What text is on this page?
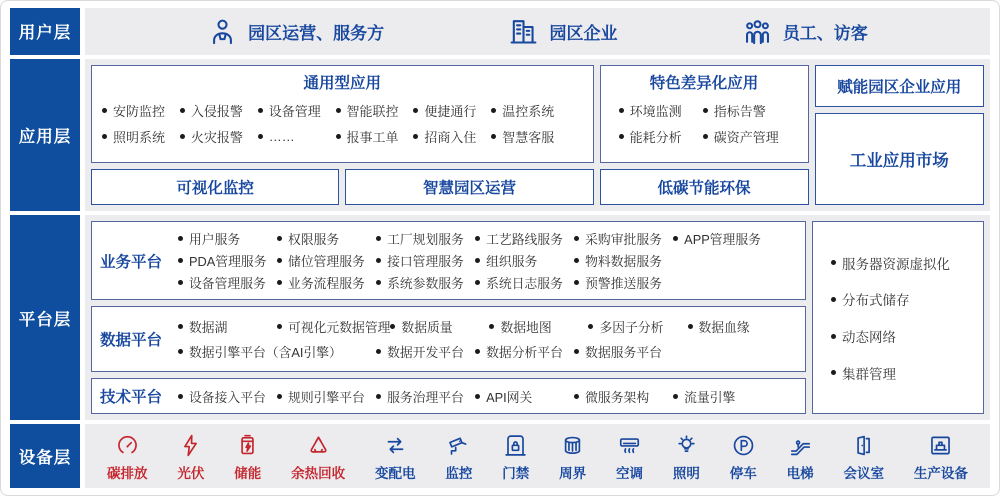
用户层	园区运营、服务方	园区企业	员工、访客
应用层
通用型应用
安防监控 入侵报警 设备管理 智能联控 便捷通行 温控系统
照明系统 火灾报警 ……	报事工单 招商入住 智慧客服
可视化监控	智慧园区运营
特色差异化应用
环境监测 指标告警
能耗分析 碳资产管理
低碳节能环保
赋能园区企业应用
工业应用市场
平台层
业务平台
用户服务	权限服务	工厂规划服务 工艺路线服务 采购审批服务 APP管理服务
PDA管理服务 储位管理服务 接口管理服务 组织服务	物料数据服务
设备管理服务 业务流程服务 系统参数服务 系统日志服务 预警推送服务
数据平台
数据湖	可视化元数据管理 数据质量	数据地图	多因子分析	数据血缘
数据引擎平台（含AI引擎）	数据开发平台 数据分析平台 数据服务平台
技术平台	设备接入平台 规则引擎平台 服务治理平台 API网关	微服务架构	流量引擎
服务器资源虚拟化
分布式储存
动态网络
集群管理
设备层
碳排放 光伏 储能 余热回收 变配电 监控 门禁 周界 空调 照明 停车 电梯 会议室 生产设备
